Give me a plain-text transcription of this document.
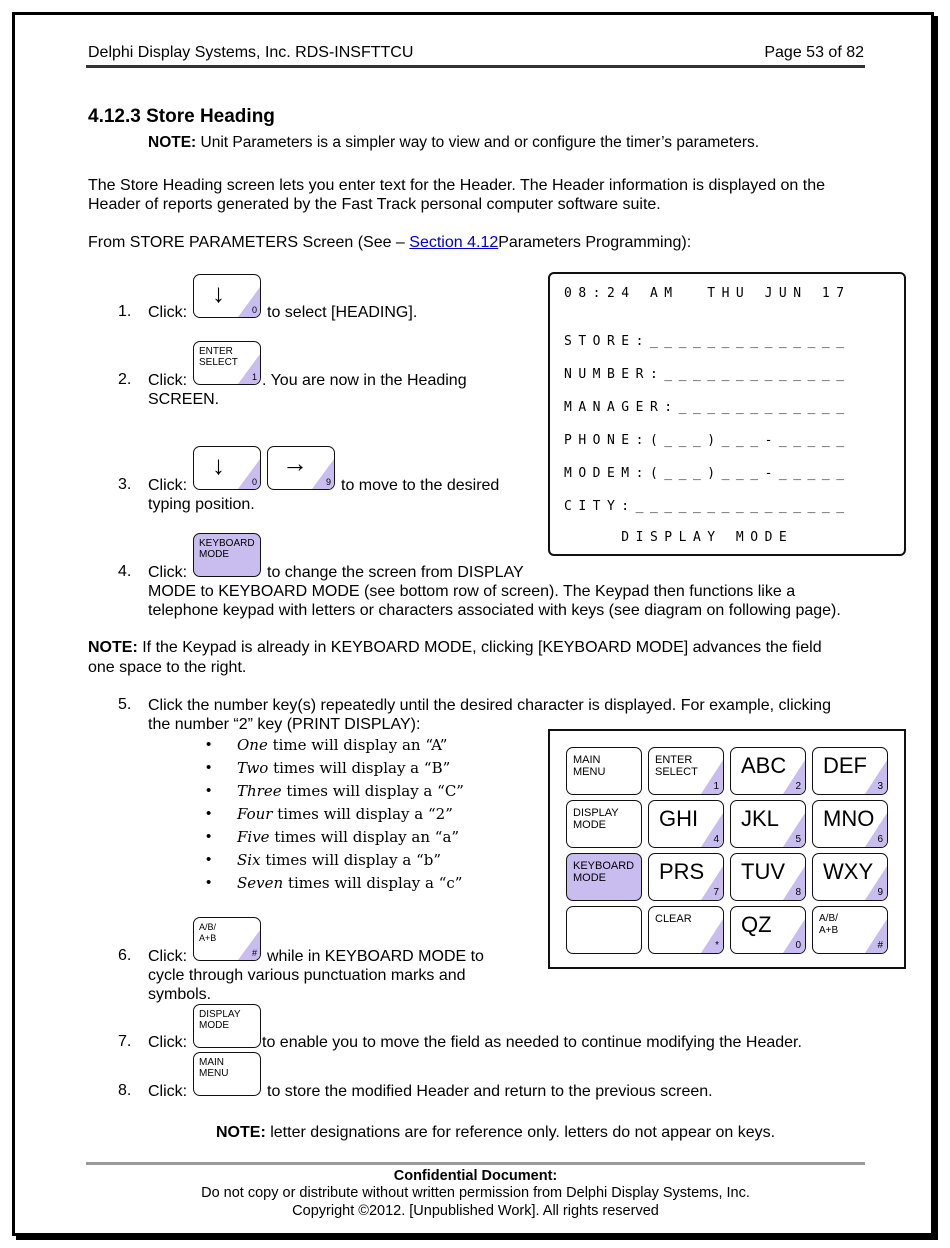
Delphi Display Systems, Inc. RDS-INSFTTCU	Page 53 of 82
4.12.3 Store Heading
NOTE: Unit Parameters is a simpler way to view and or configure the timer’s parameters.
The Store Heading screen lets you enter text for the Header. The Header information is displayed on the Header of reports generated by the Fast Track personal computer software suite.
From STORE PARAMETERS Screen (See – Section 4.12Parameters Programming):
1. Click:
↓
0 to select [HEADING].
2. Click:
ENTER
SELECT
1 . You are now in the Heading
SCREEN.
3. Click:
↓
0
→
9 to move to the desired
typing position.
4. Click:
KEYBOARD
MODE
to change the screen from DISPLAY
MODE to KEYBOARD MODE (see bottom row of screen). The Keypad then functions like a
telephone keypad with letters or characters associated with keys (see diagram on following page).
NOTE: If the Keypad is already in KEYBOARD MODE, clicking [KEYBOARD MODE] advances the field
one space to the right.
5. Click the number key(s) repeatedly until the desired character is displayed. For example, clicking
the number “2” key (PRINT DISPLAY):
• One time will display an “A”
• Two times will display a “B”
• Three times will display a “C”
• Four times will display a “2”
• Five times will display an “a”
• Six times will display a “b”
• Seven times will display a “c”
6. Click:
A/B/
A+B
# while in KEYBOARD MODE to
cycle through various punctuation marks and
symbols.
7. Click:
DISPLAY
MODE
to enable you to move the field as needed to continue modifying the Header.
8. Click:
MAIN
MENU
to store the modified Header and return to the previous screen.
NOTE: letter designations are for reference only. letters do not appear on keys.
08:24 AM  THU JUN 17
STORE:______________
NUMBER:_____________
MANAGER:____________
PHONE:(___)___-_____
MODEM:(___)___-_____
CITY:_______________
DISPLAY MODE
MAIN
MENU
ENTER
SELECT
1
ABC
2
DEF
3
DISPLAY
MODE	GHI
4
JKL
5
MNO
6
KEYBOARD
MODE	PRS
7
TUV
8
WXY
9
CLEAR
*
QZ
0
A/B/
A+B
#
Confidential Document:
Do not copy or distribute without written permission from Delphi Display Systems, Inc.
Copyright ©2012. [Unpublished Work]. All rights reserved
